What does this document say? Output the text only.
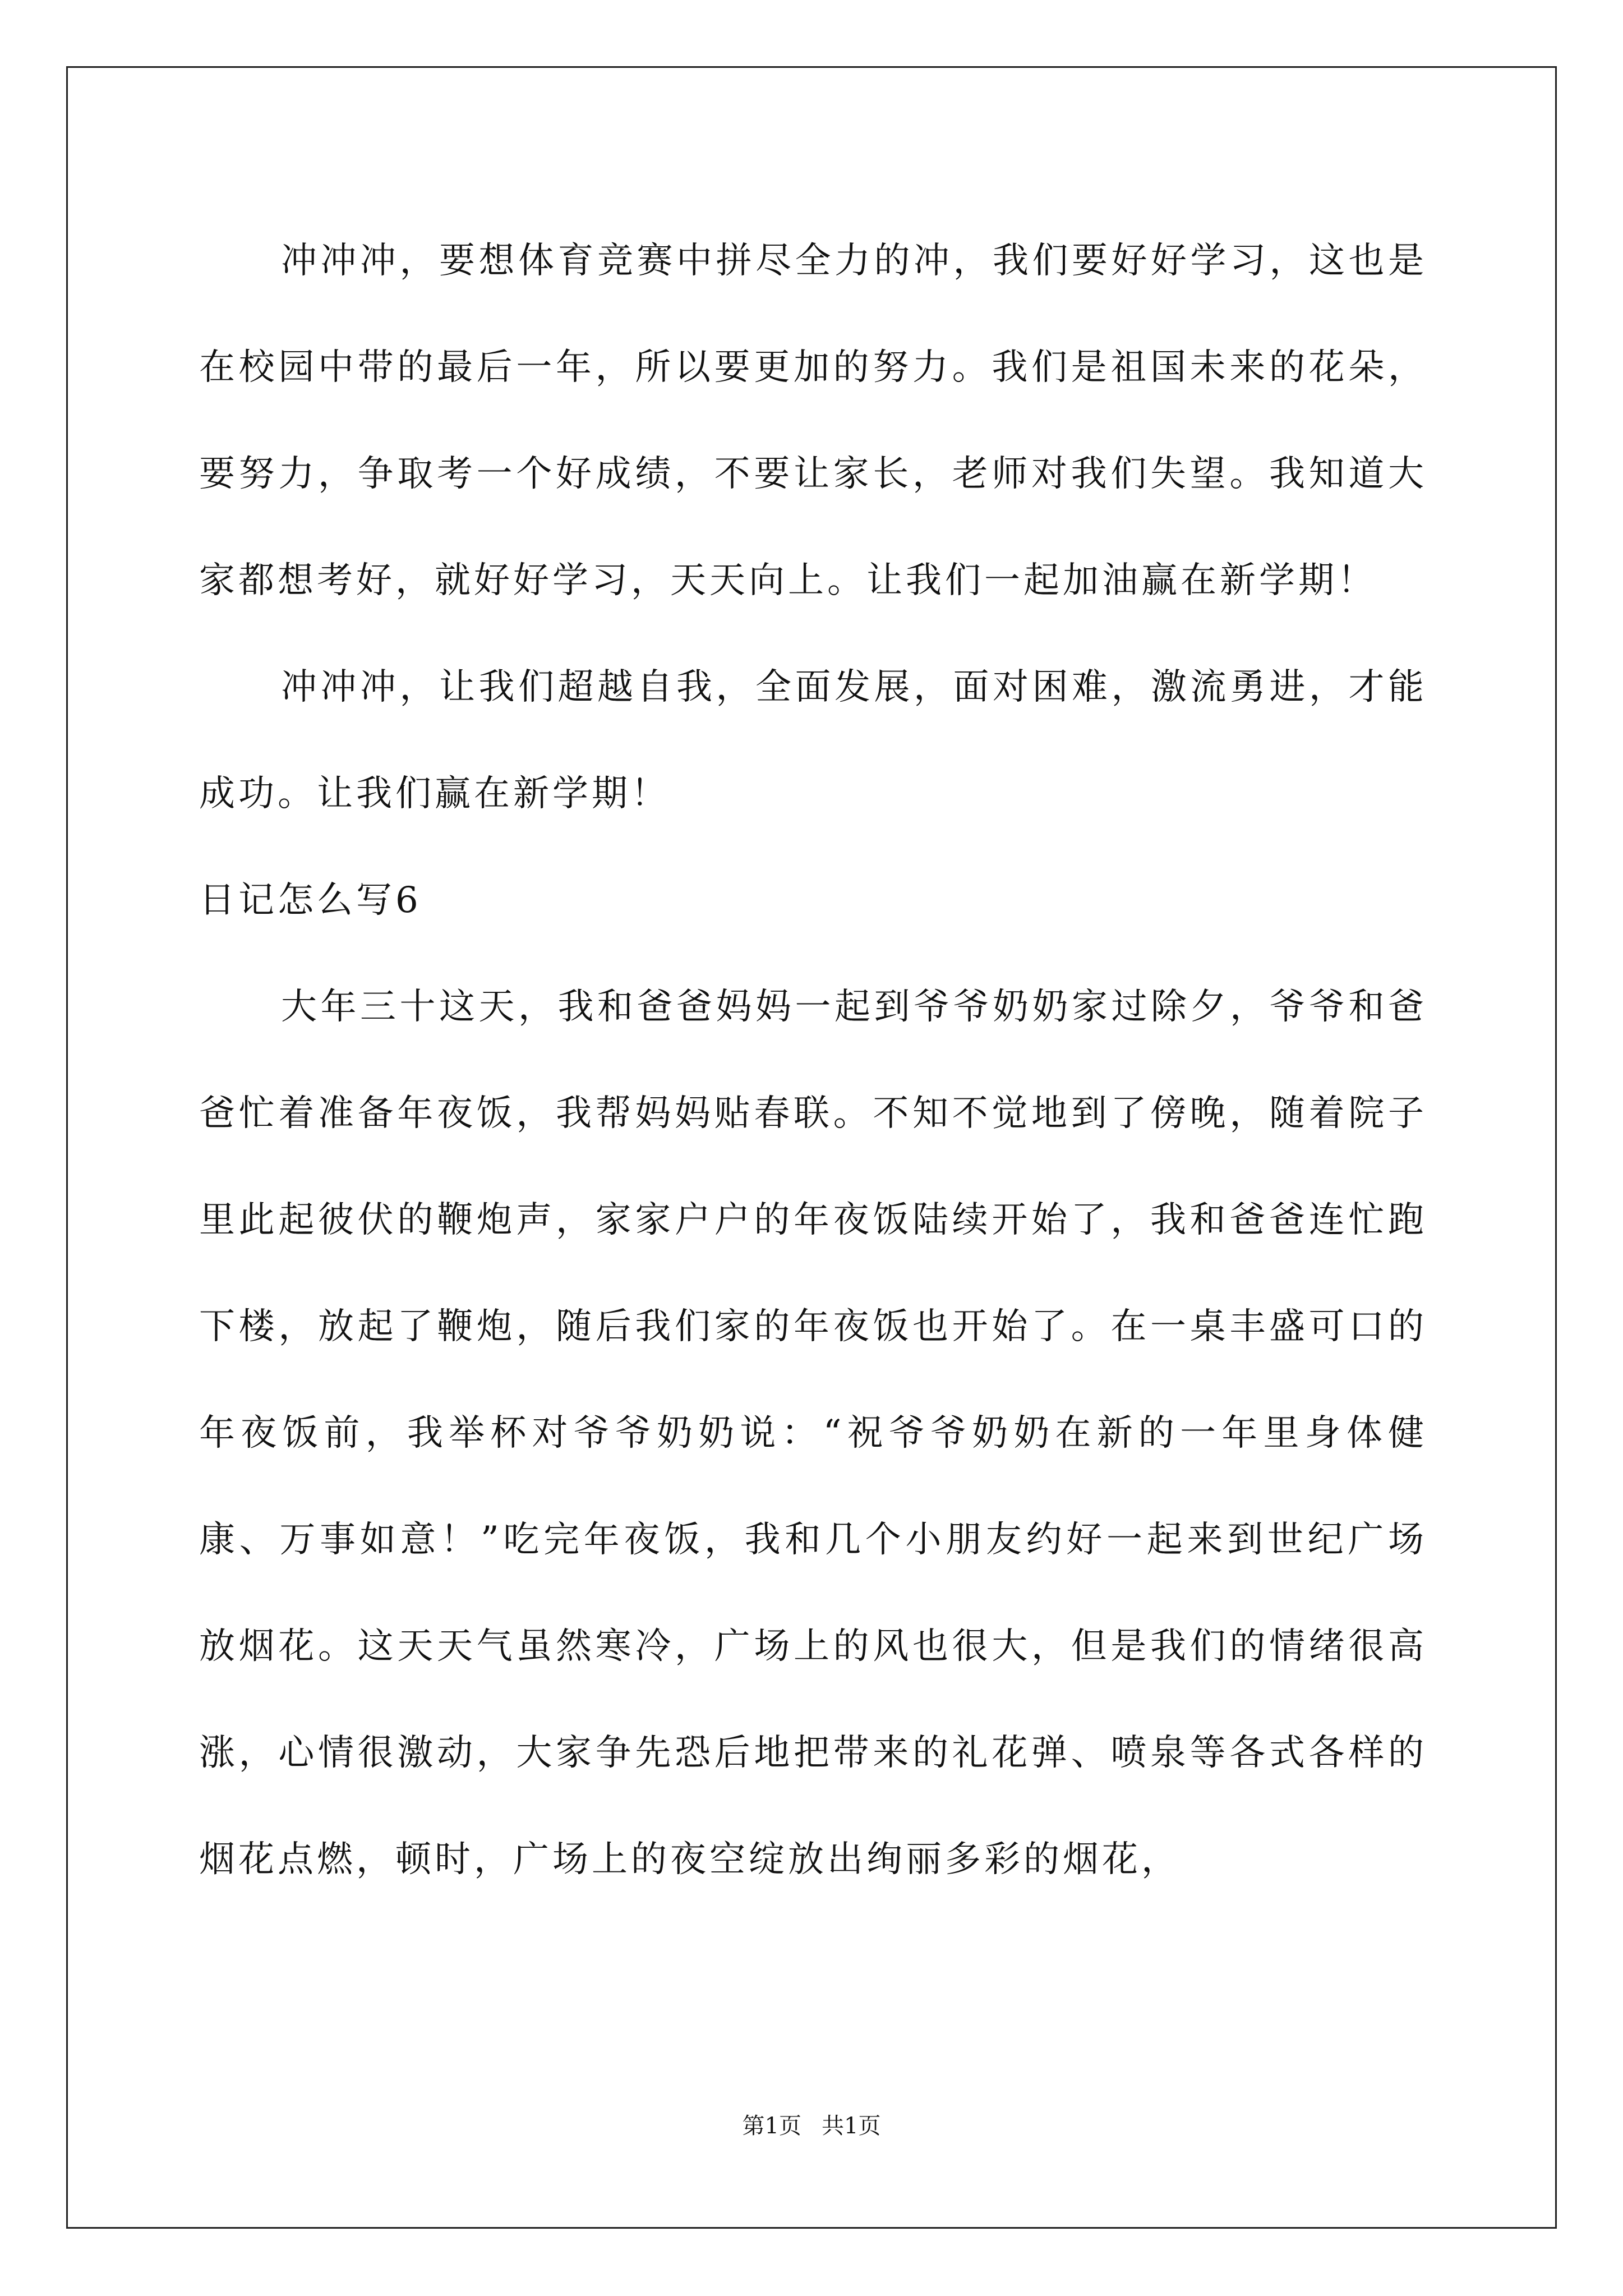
冲冲冲，要想体育竞赛中拼尽全力的冲，我们要好好学习，这也是在校园中带的最后一年，所以要更加的努力。我们是祖国未来的花朵，要努力，争取考一个好成绩，不要让家长，老师对我们失望。我知道大家都想考好，就好好学习，天天向上。让我们一起加油赢在新学期！

冲冲冲，让我们超越自我，全面发展，面对困难，激流勇进，才能成功。让我们赢在新学期！

日记怎么写6

大年三十这天，我和爸爸妈妈一起到爷爷奶奶家过除夕，爷爷和爸爸忙着准备年夜饭，我帮妈妈贴春联。不知不觉地到了傍晚，随着院子里此起彼伏的鞭炮声，家家户户的年夜饭陆续开始了，我和爸爸连忙跑下楼，放起了鞭炮，随后我们家的年夜饭也开始了。在一桌丰盛可口的年夜饭前，我举杯对爷爷奶奶说：“祝爷爷奶奶在新的一年里身体健康、万事如意！”吃完年夜饭，我和几个小朋友约好一起来到世纪广场放烟花。这天天气虽然寒冷，广场上的风也很大，但是我们的情绪很高涨，心情很激动，大家争先恐后地把带来的礼花弹、喷泉等各式各样的烟花点燃，顿时，广场上的夜空绽放出绚丽多彩的烟花，

第1页 共1页
